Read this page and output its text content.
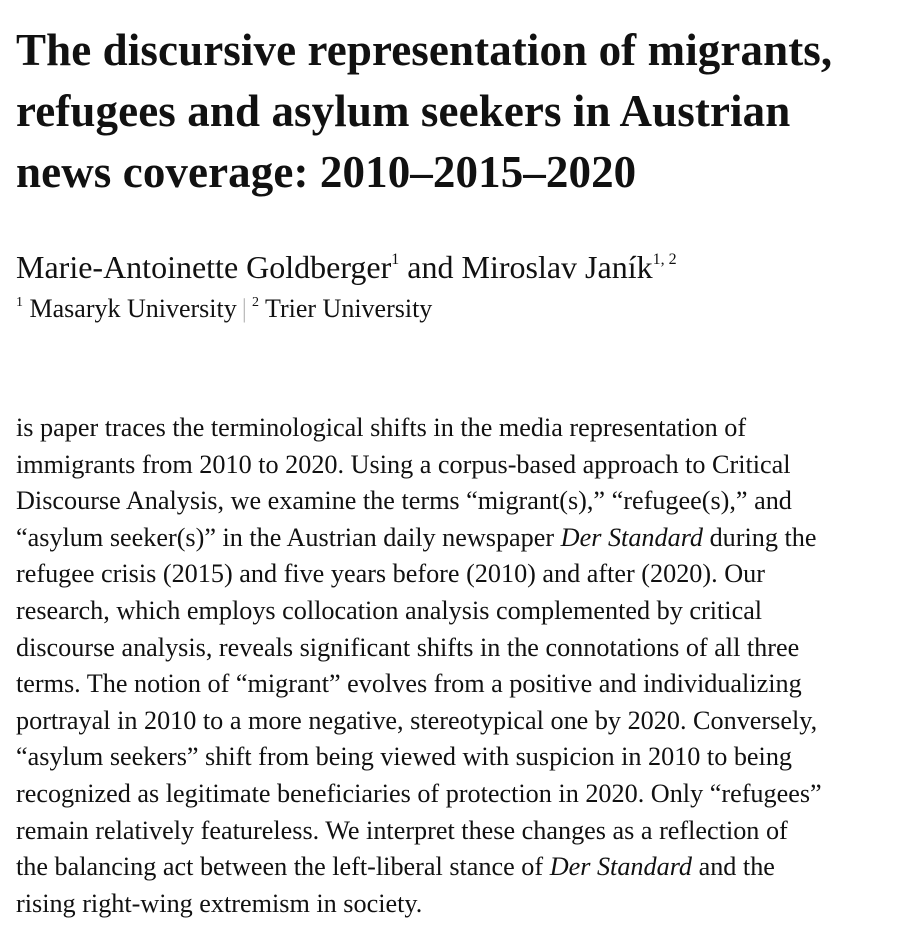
The discursive representation of migrants,
refugees and asylum seekers in Austrian
news coverage: 2010–2015–2020
Marie-Antoinette Goldberger$^1$ and Miroslav Janík$^{1, 2}$
$^1$ Masaryk University | $^2$ Trier University

is paper traces the terminological shifts in the media representation of
immigrants from 2010 to 2020. Using a corpus-based approach to Critical
Discourse Analysis, we examine the terms “migrant(s),” “refugee(s),” and
“asylum seeker(s)” in the Austrian daily newspaper Der Standard during the
refugee crisis (2015) and five years before (2010) and after (2020). Our
research, which employs collocation analysis complemented by critical
discourse analysis, reveals significant shifts in the connotations of all three
terms. The notion of “migrant” evolves from a positive and individualizing
portrayal in 2010 to a more negative, stereotypical one by 2020. Conversely,
“asylum seekers” shift from being viewed with suspicion in 2010 to being
recognized as legitimate beneficiaries of protection in 2020. Only “refugees”
remain relatively featureless. We interpret these changes as a reflection of
the balancing act between the left-liberal stance of Der Standard and the
rising right-wing extremism in society.
